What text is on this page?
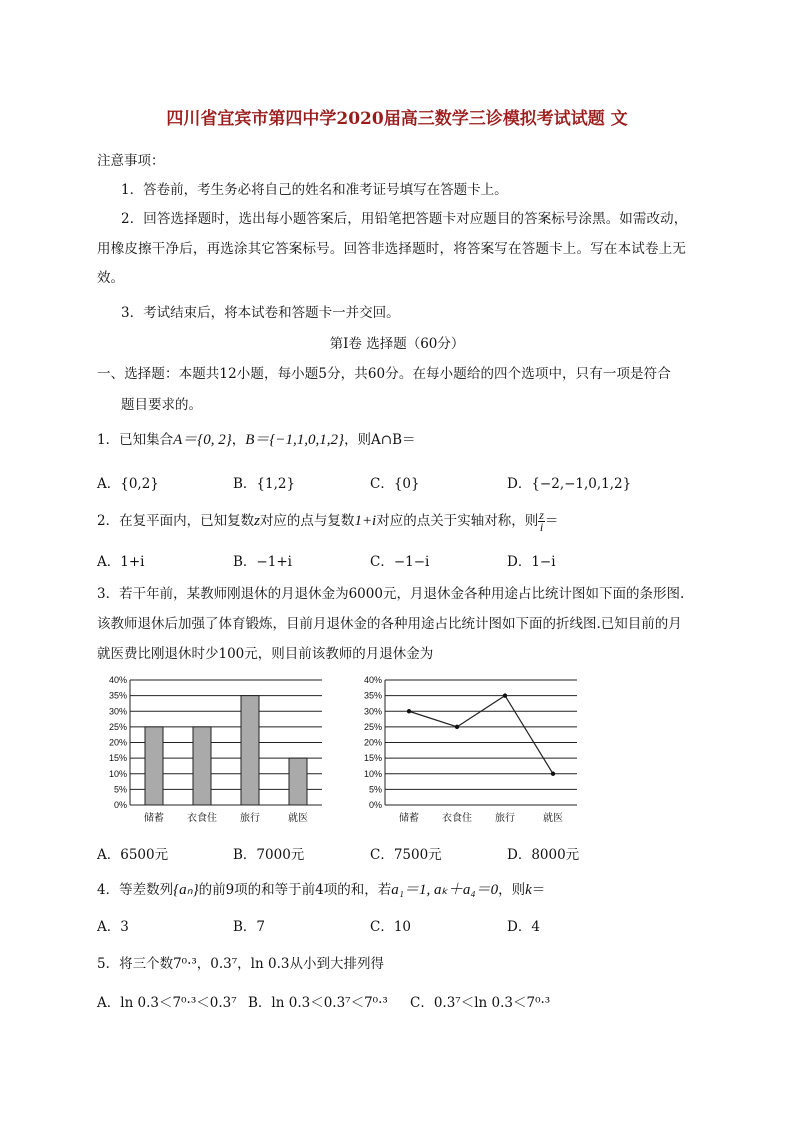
四川省宜宾市第四中学2020届高三数学三诊模拟考试试题 文
注意事项：
1．答卷前，考生务必将自己的姓名和准考证号填写在答题卡上。
2．回答选择题时，选出每小题答案后，用铅笔把答题卡对应题目的答案标号涂黑。如需改动，
用橡皮擦干净后，再选涂其它答案标号。回答非选择题时，将答案写在答题卡上。写在本试卷上无
效。
3．考试结束后，将本试卷和答题卡一并交回。
第Ⅰ卷 选择题（60分）
一、选择题：本题共12小题，每小题5分，共60分。在每小题给的四个选项中，只有一项是符合
题目要求的。
1．已知集合A＝{0, 2}，B＝{−1,1,0,1,2}，则A∩B＝
A．{0,2}	B．{1,2}	C．{0}	D．{−2,−1,0,1,2}
2．在复平面内，已知复数z对应的点与复数1+i对应的点关于实轴对称，则 $\frac{z}{i}$ ＝
A．1+i	B．−1+i	C．−1−i	D．1−i
3．若干年前，某教师刚退休的月退休金为6000元，月退休金各种用途占比统计图如下面的条形图.
该教师退休后加强了体育锻炼，目前月退休金的各种用途占比统计图如下面的折线图.已知目前的月
就医费比刚退休时少100元，则目前该教师的月退休金为
0%
5%
10%
15%
20%
25%
30%
35%
40%
储蓄 衣食住 旅行	就医
0%
5%
10%
15%
20%
25%
30%
35%
40%
储蓄 衣食住 旅行	就医
A．6500元	B．7000元	C．7500元	D．8000元
4．等差数列{aₙ}的前9项的和等于前4项的和，若a₁＝1, aₖ＋a₄＝0，则k＝
A．3	B．7	C．10	D．4
5．将三个数7⁰·³，0.3⁷，ln 0.3从小到大排列得
A．ln 0.3＜7⁰·³＜0.3⁷ B．ln 0.3＜0.3⁷＜7⁰·³ C．0.3⁷＜ln 0.3＜7⁰·³
